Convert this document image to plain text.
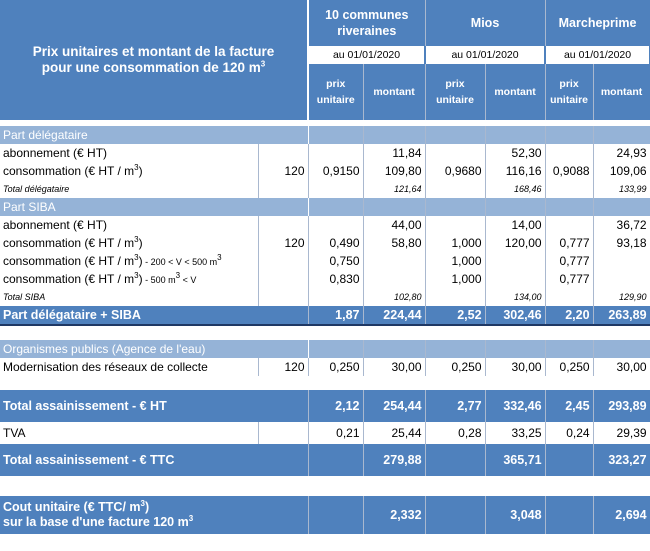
Prix unitaires et montant de la facture
pour une consommation de 120 $m^3$		10 communes riveraines		Mios		Marcheprime	
		au 01/01/2020		au 01/01/2020		au 01/01/2020	
		prix unitaire	montant	prix unitaire	montant	prix unitaire	montant

Part délégataire							
abonnement (€ HT)			11,84		52,30		24,93
consommation (€ HT / $m^3$)	120	0,9150	109,80	0,9680	116,16	0,9088	109,06
Total délégataire			121,64		168,46		133,99
Part SIBA							
abonnement (€ HT)			44,00		14,00		36,72
consommation (€ HT / $m^3$)	120	0,490	58,80	1,000	120,00	0,777	93,18
consommation (€ HT / $m^3) - 200 < V < 500$ $m^3$		0,750		1,000		0,777	
consommation (€ HT / $m^3) - 500$ $m^3 < V$		0,830		1,000		0,777	
Total SIBA			102,80		134,00		129,90
Part délégataire + SIBA		1,87	224,44	2,52	302,46	2,20	263,89

Organismes publics (Agence de l'eau)							
Modernisation des réseaux de collecte	120	0,250	30,00	0,250	30,00	0,250	30,00

Total assainissement - € HT		2,12	254,44	2,77	332,46	2,45	293,89
TVA		0,21	25,44	0,28	33,25	0,24	29,39
Total assainissement - € TTC			279,88		365,71		323,27

Cout unitaire (€ TTC/ $m^3$)
sur la base d'une facture 120 $m^3$			2,332		3,048		2,694
